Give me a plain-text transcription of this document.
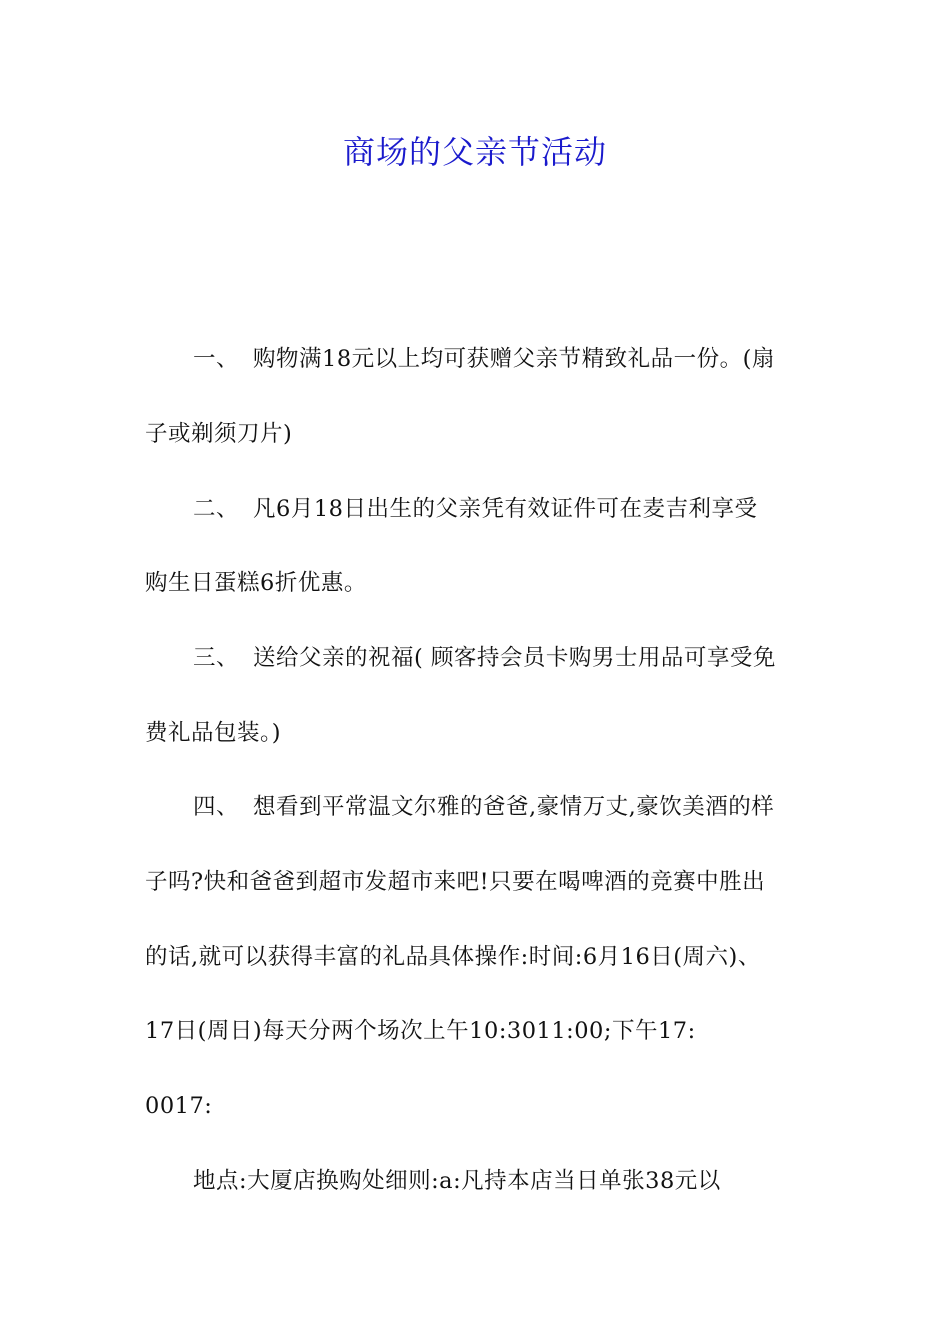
商场的父亲节活动
一、 购物满18元以上均可获赠父亲节精致礼品一份。(扇
子或剃须刀片)
二、 凡6月18日出生的父亲凭有效证件可在麦吉利享受
购生日蛋糕6折优惠。
三、 送给父亲的祝福( 顾客持会员卡购男士用品可享受免
费礼品包装。)
四、 想看到平常温文尔雅的爸爸,豪情万丈,豪饮美酒的样
子吗?快和爸爸到超市发超市来吧!只要在喝啤酒的竞赛中胜出
的话,就可以获得丰富的礼品具体操作:时间:6月16日(周六)、
17日(周日)每天分两个场次上午10:3011:00;下午17:
0017:
地点:大厦店换购处细则:a:凡持本店当日单张38元以
